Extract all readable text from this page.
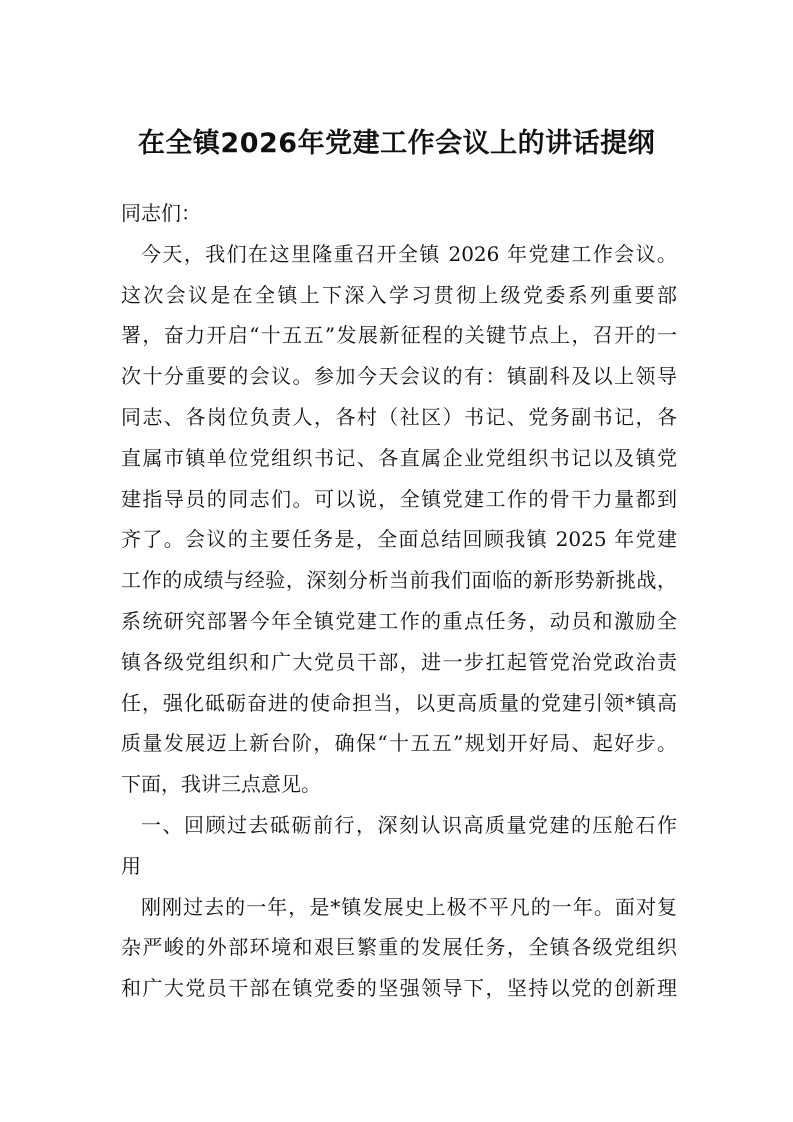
在全镇2026年党建工作会议上的讲话提纲
同志们：
今天，我们在这里隆重召开全镇 2026 年党建工作会议。
这次会议是在全镇上下深入学习贯彻上级党委系列重要部
署，奋力开启“十五五”发展新征程的关键节点上，召开的一
次十分重要的会议。参加今天会议的有：镇副科及以上领导
同志、各岗位负责人，各村（社区）书记、党务副书记，各
直属市镇单位党组织书记、各直属企业党组织书记以及镇党
建指导员的同志们。可以说，全镇党建工作的骨干力量都到
齐了。会议的主要任务是，全面总结回顾我镇 2025 年党建
工作的成绩与经验，深刻分析当前我们面临的新形势新挑战，
系统研究部署今年全镇党建工作的重点任务，动员和激励全
镇各级党组织和广大党员干部，进一步扛起管党治党政治责
任，强化砥砺奋进的使命担当，以更高质量的党建引领*镇高
质量发展迈上新台阶，确保“十五五”规划开好局、起好步。
下面，我讲三点意见。
一、回顾过去砥砺前行，深刻认识高质量党建的压舱石作
用
刚刚过去的一年，是*镇发展史上极不平凡的一年。面对复
杂严峻的外部环境和艰巨繁重的发展任务，全镇各级党组织
和广大党员干部在镇党委的坚强领导下，坚持以党的创新理
